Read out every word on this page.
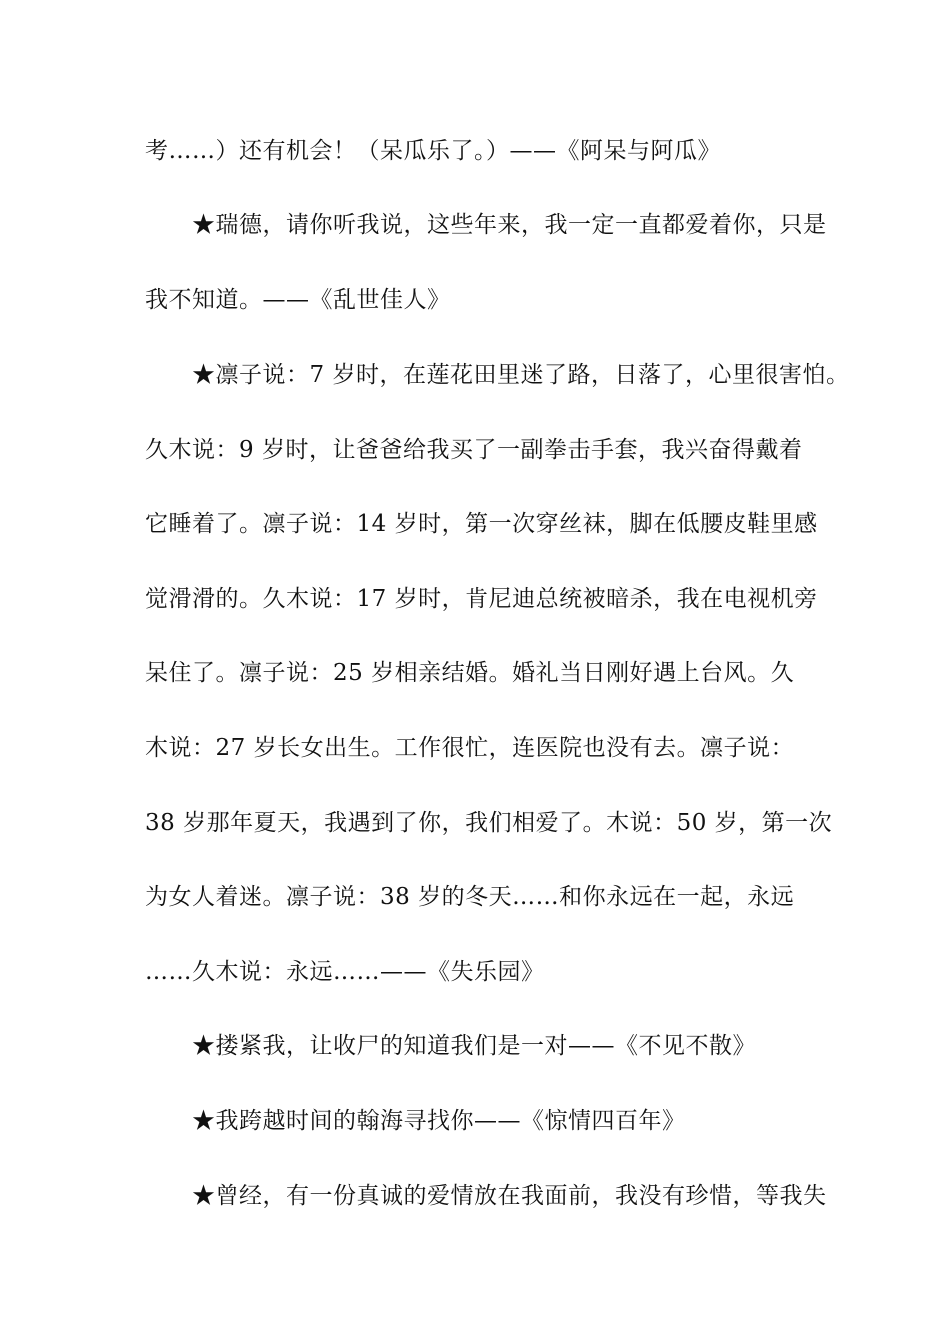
考……）还有机会！（呆瓜乐了。）——《阿呆与阿瓜》
★瑞德，请你听我说，这些年来，我一定一直都爱着你，只是
我不知道。——《乱世佳人》
★凛子说：7 岁时，在莲花田里迷了路，日落了，心里很害怕。
久木说：9 岁时，让爸爸给我买了一副拳击手套，我兴奋得戴着
它睡着了。凛子说：14 岁时，第一次穿丝袜，脚在低腰皮鞋里感
觉滑滑的。久木说：17 岁时，肯尼迪总统被暗杀，我在电视机旁
呆住了。凛子说：25 岁相亲结婚。婚礼当日刚好遇上台风。久
木说：27 岁长女出生。工作很忙，连医院也没有去。凛子说：
38 岁那年夏天，我遇到了你，我们相爱了。木说：50 岁，第一次
为女人着迷。凛子说：38 岁的冬天……和你永远在一起，永远
……久木说：永远……——《失乐园》
★搂紧我，让收尸的知道我们是一对——《不见不散》
★我跨越时间的翰海寻找你——《惊情四百年》
★曾经，有一份真诚的爱情放在我面前，我没有珍惜，等我失
